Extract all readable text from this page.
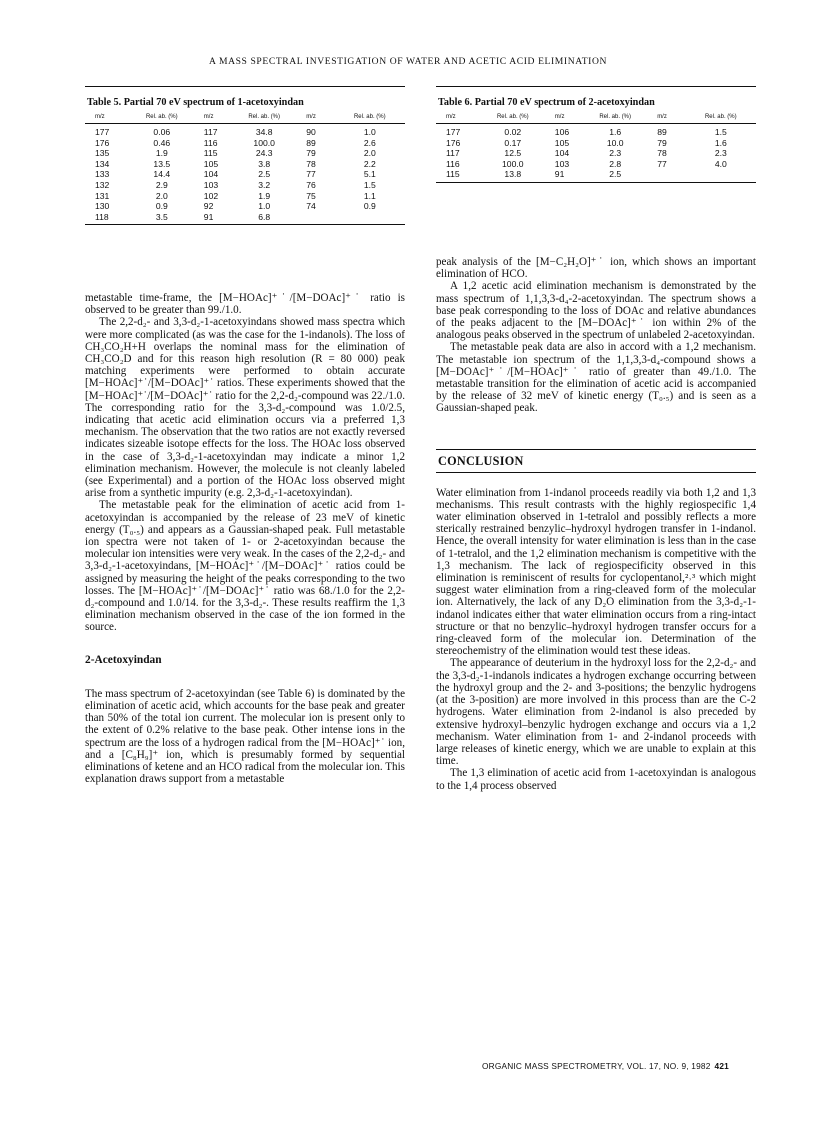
A MASS SPECTRAL INVESTIGATION OF WATER AND ACETIC ACID ELIMINATION
Table 5. Partial 70 eV spectrum of 1-acetoxyindan
m/z	Rel. ab. (%)	m/z	Rel. ab. (%)	m/z	Rel. ab. (%)
177	0.06	117	34.8	90	1.0
176	0.46	116	100.0	89	2.6
135	1.9	115	24.3	79	2.0
134	13.5	105	3.8	78	2.2
133	14.4	104	2.5	77	5.1
132	2.9	103	3.2	76	1.5
131	2.0	102	1.9	75	1.1
130	0.9	92	1.0	74	0.9
118	3.5	91	6.8		
Table 6. Partial 70 eV spectrum of 2-acetoxyindan
m/z	Rel. ab. (%)	m/z	Rel. ab. (%)	m/z	Rel. ab. (%)
177	0.02	106	1.6	89	1.5
176	0.17	105	10.0	79	1.6
117	12.5	104	2.3	78	2.3
116	100.0	103	2.8	77	4.0
115	13.8	91	2.5		

metastable time-frame, the [M−HOAc]⁺˙/[M−DOAc]⁺˙ ratio is observed to be greater than 99./1.0.

The 2,2-d₂- and 3,3-d₂-1-acetoxyindans showed mass spectra which were more complicated (as was the case for the 1-indanols). The loss of CH₃CO₂H+H overlaps the nominal mass for the elimination of CH₃CO₂D and for this reason high resolution (R = 80 000) peak matching experiments were performed to obtain accurate [M−HOAc]⁺˙/[M−DOAc]⁺˙ ratios. These experiments showed that the [M−HOAc]⁺˙/[M−DOAc]⁺˙ ratio for the 2,2-d₂-compound was 22./1.0. The corresponding ratio for the 3,3-d₂-compound was 1.0/2.5, indicating that acetic acid elimination occurs via a preferred 1,3 mechanism. The observation that the two ratios are not exactly reversed indicates sizeable isotope effects for the loss. The HOAc loss observed in the case of 3,3-d₂-1-acetoxyindan may indicate a minor 1,2 elimination mechanism. However, the molecule is not cleanly labeled (see Experimental) and a portion of the HOAc loss observed might arise from a synthetic impurity (e.g. 2,3-d₂-1-acetoxyindan).

The metastable peak for the elimination of acetic acid from 1-acetoxyindan is accompanied by the release of 23 meV of kinetic energy (T₀.₅) and appears as a Gaussian-shaped peak. Full metastable ion spectra were not taken of 1- or 2-acetoxyindan because the molecular ion intensities were very weak. In the cases of the 2,2-d₂- and 3,3-d₂-1-acetoxyindans, [M−HOAc]⁺˙/[M−DOAc]⁺˙ ratios could be assigned by measuring the height of the peaks corresponding to the two losses. The [M−HOAc]⁺˙/[M−DOAc]⁺˙ ratio was 68./1.0 for the 2,2-d₂-compound and 1.0/14. for the 3,3-d₂-. These results reaffirm the 1,3 elimination mechanism observed in the case of the ion formed in the source.

2-Acetoxyindan

The mass spectrum of 2-acetoxyindan (see Table 6) is dominated by the elimination of acetic acid, which accounts for the base peak and greater than 50% of the total ion current. The molecular ion is present only to the extent of 0.2% relative to the base peak. Other intense ions in the spectrum are the loss of a hydrogen radical from the [M−HOAc]⁺˙ ion, and a [C₈H₉]⁺ ion, which is presumably formed by sequential eliminations of ketene and an HCO radical from the molecular ion. This explanation draws support from a metastable

peak analysis of the [M−C₂H₂O]⁺˙ ion, which shows an important elimination of HCO.

A 1,2 acetic acid elimination mechanism is demonstrated by the mass spectrum of 1,1,3,3-d₄-2-acetoxyindan. The spectrum shows a base peak corresponding to the loss of DOAc and relative abundances of the peaks adjacent to the [M−DOAc]⁺˙ ion within 2% of the analogous peaks observed in the spectrum of unlabeled 2-acetoxyindan.

The metastable peak data are also in accord with a 1,2 mechanism. The metastable ion spectrum of the 1,1,3,3-d₄-compound shows a [M−DOAc]⁺˙/[M−HOAc]⁺˙ ratio of greater than 49./1.0. The metastable transition for the elimination of acetic acid is accompanied by the release of 32 meV of kinetic energy (T₀.₅) and is seen as a Gaussian-shaped peak.

CONCLUSION

Water elimination from 1-indanol proceeds readily via both 1,2 and 1,3 mechanisms. This result contrasts with the highly regiospecific 1,4 water elimination observed in 1-tetralol and possibly reflects a more sterically restrained benzylic–hydroxyl hydrogen transfer in 1-indanol. Hence, the overall intensity for water elimination is less than in the case of 1-tetralol, and the 1,2 elimination mechanism is competitive with the 1,3 mechanism. The lack of regiospecificity observed in this elimination is reminiscent of results for cyclopentanol,²˒³ which might suggest water elimination from a ring-cleaved form of the molecular ion. Alternatively, the lack of any D₂O elimination from the 3,3-d₂-1-indanol indicates either that water elimination occurs from a ring-intact structure or that no benzylic–hydroxyl hydrogen transfer occurs for a ring-cleaved form of the molecular ion. Determination of the stereochemistry of the elimination would test these ideas.

The appearance of deuterium in the hydroxyl loss for the 2,2-d₂- and the 3,3-d₂-1-indanols indicates a hydrogen exchange occurring between the hydroxyl group and the 2- and 3-positions; the benzylic hydrogens (at the 3-position) are more involved in this process than are the C-2 hydrogens. Water elimination from 2-indanol is also preceded by extensive hydroxyl–benzylic hydrogen exchange and occurs via a 1,2 mechanism. Water elimination from 1- and 2-indanol proceeds with large releases of kinetic energy, which we are unable to explain at this time.

The 1,3 elimination of acetic acid from 1-acetoxyindan is analogous to the 1,4 process observed

ORGANIC MASS SPECTROMETRY, VOL. 17, NO. 9, 1982 421
